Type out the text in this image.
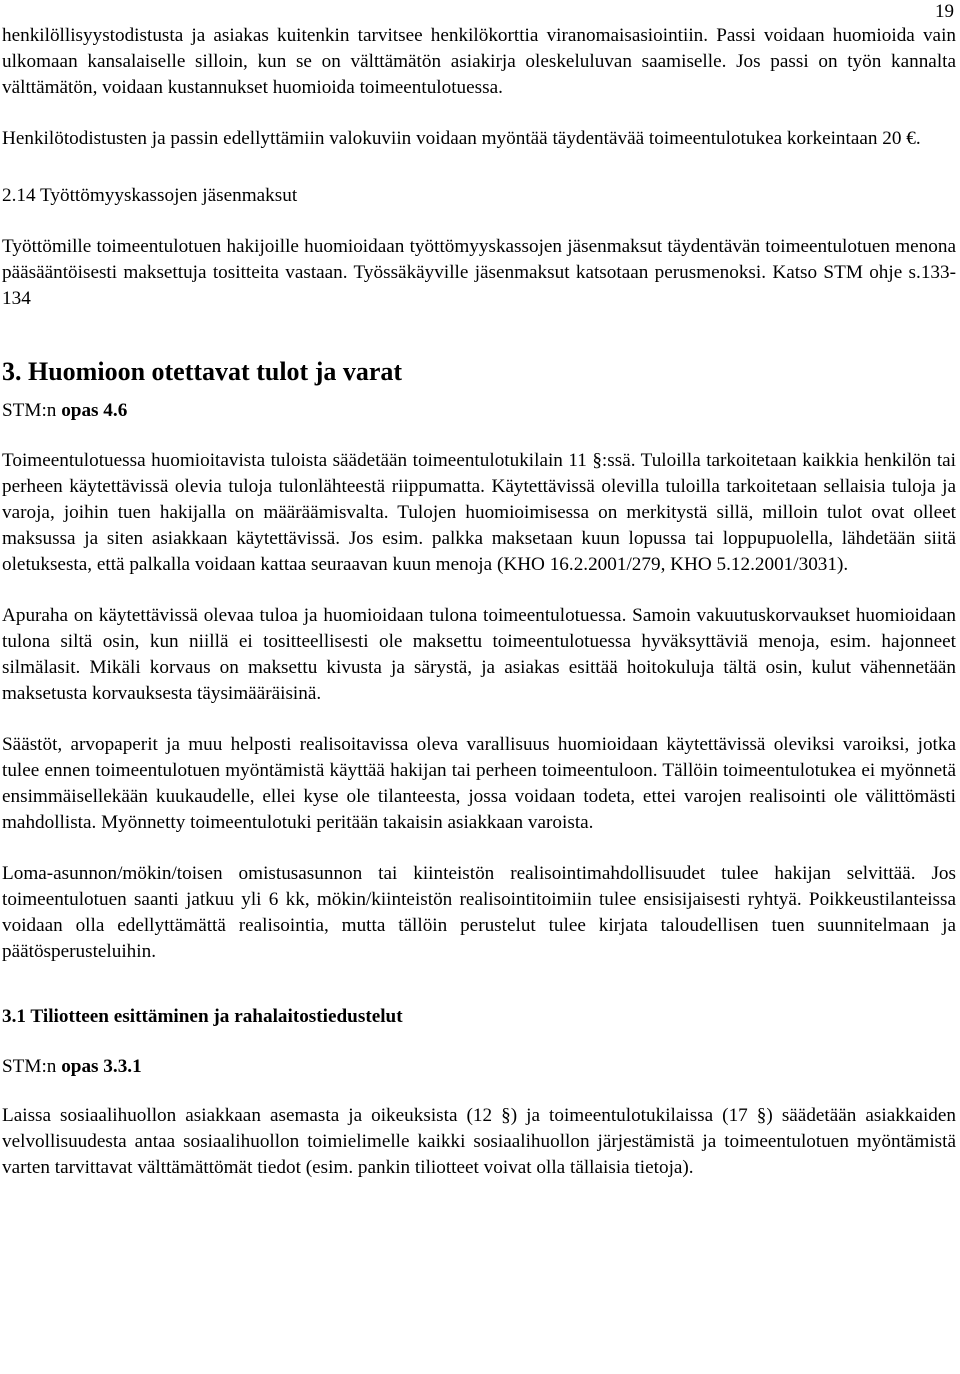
19

henkilöllisyystodistusta ja asiakas kuitenkin tarvitsee henkilökorttia viranomaisasiointiin. Passi voidaan huomioida vain ulkomaan kansalaiselle silloin, kun se on välttämätön asiakirja oleskeluluvan saamiselle. Jos passi on työn kannalta välttämätön, voidaan kustannukset huomioida toimeentulotuessa.

Henkilötodistusten ja passin edellyttämiin valokuviin voidaan myöntää täydentävää toimeentulotukea korkeintaan 20 €.

2.14 Työttömyyskassojen jäsenmaksut

Työttömille toimeentulotuen hakijoille huomioidaan työttömyyskassojen jäsenmaksut täydentävän toimeentulotuen menona pääsääntöisesti maksettuja tositteita vastaan. Työssäkäyville jäsenmaksut katsotaan perusmenoksi. Katso STM ohje s.133- 134

3. Huomioon otettavat tulot ja varat

STM:n opas 4.6

Toimeentulotuessa huomioitavista tuloista säädetään toimeentulotukilain 11 §:ssä. Tuloilla tarkoitetaan kaikkia henkilön tai perheen käytettävissä olevia tuloja tulonlähteestä riippumatta. Käytettävissä olevilla tuloilla tarkoitetaan sellaisia tuloja ja varoja, joihin tuen hakijalla on määräämisvalta. Tulojen huomioimisessa on merkitystä sillä, milloin tulot ovat olleet maksussa ja siten asiakkaan käytettävissä. Jos esim. palkka maksetaan kuun lopussa tai loppupuolella, lähdetään siitä oletuksesta, että palkalla voidaan kattaa seuraavan kuun menoja (KHO 16.2.2001/279, KHO 5.12.2001/3031).

Apuraha on käytettävissä olevaa tuloa ja huomioidaan tulona toimeentulotuessa. Samoin vakuutuskorvaukset huomioidaan tulona siltä osin, kun niillä ei tositteellisesti ole maksettu toimeentulotuessa hyväksyttäviä menoja, esim. hajonneet silmälasit. Mikäli korvaus on maksettu kivusta ja särystä, ja asiakas esittää hoitokuluja tältä osin, kulut vähennetään maksetusta korvauksesta täysimääräisinä.

Säästöt, arvopaperit ja muu helposti realisoitavissa oleva varallisuus huomioidaan käytettävissä oleviksi varoiksi, jotka tulee ennen toimeentulotuen myöntämistä käyttää hakijan tai perheen toimeentuloon. Tällöin toimeentulotukea ei myönnetä ensimmäisellekään kuukaudelle, ellei kyse ole tilanteesta, jossa voidaan todeta, ettei varojen realisointi ole välittömästi mahdollista. Myönnetty toimeentulotuki peritään takaisin asiakkaan varoista.

Loma-asunnon/mökin/toisen omistusasunnon tai kiinteistön realisointimahdollisuudet tulee hakijan selvittää. Jos toimeentulotuen saanti jatkuu yli 6 kk, mökin/kiinteistön realisointitoimiin tulee ensisijaisesti ryhtyä. Poikkeustilanteissa voidaan olla edellyttämättä realisointia, mutta tällöin perustelut tulee kirjata taloudellisen tuen suunnitelmaan ja päätösperusteluihin.

3.1 Tiliotteen esittäminen ja rahalaitostiedustelut

STM:n opas 3.3.1

Laissa sosiaalihuollon asiakkaan asemasta ja oikeuksista (12 §) ja toimeentulotukilaissa (17 §) säädetään asiakkaiden velvollisuudesta antaa sosiaalihuollon toimielimelle kaikki sosiaalihuollon järjestämistä ja toimeentulotuen myöntämistä varten tarvittavat välttämättömät tiedot (esim. pankin tiliotteet voivat olla tällaisia tietoja).
